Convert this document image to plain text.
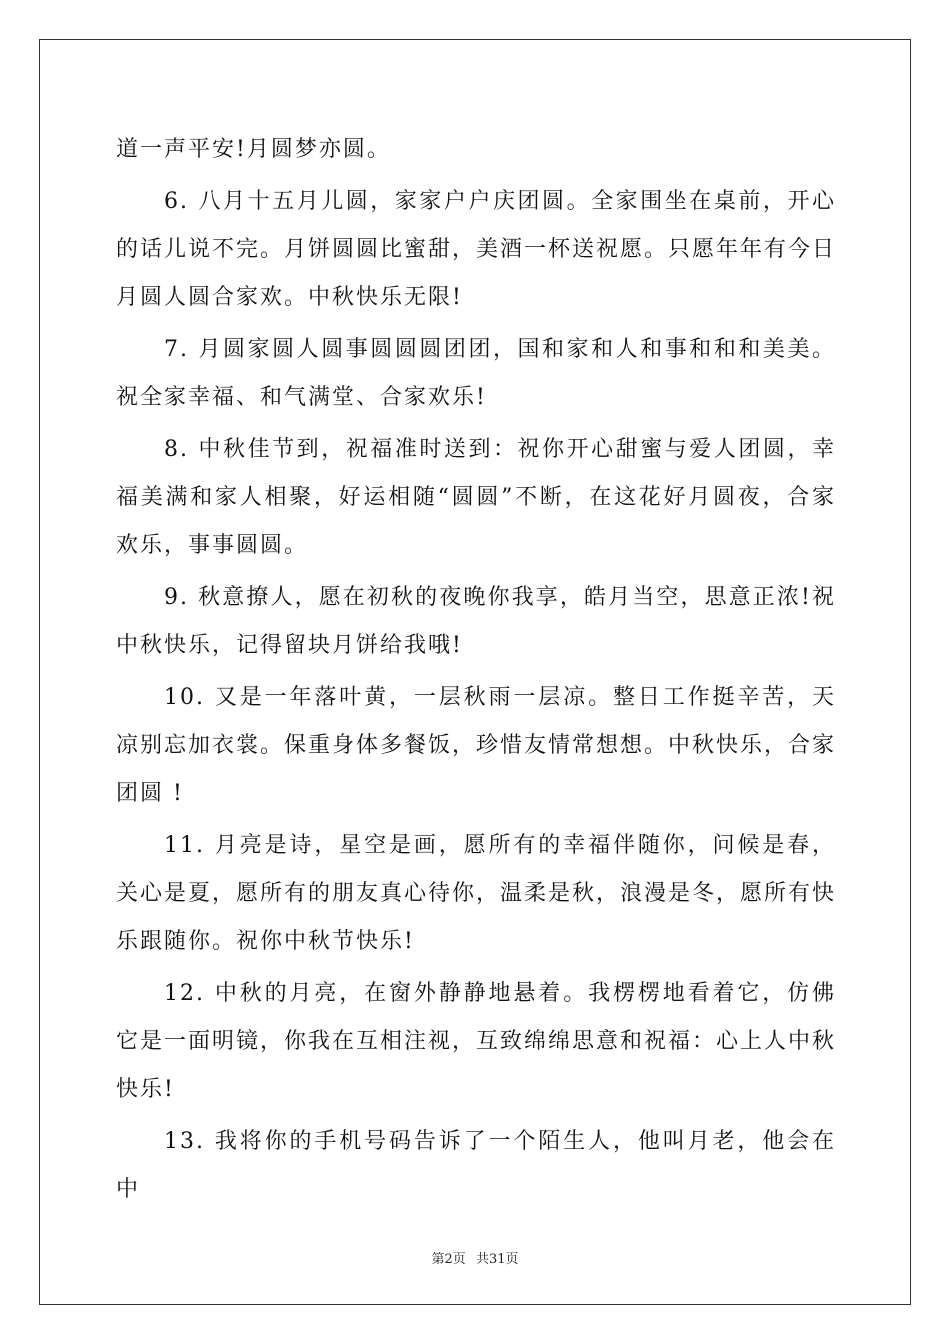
道一声平安!月圆梦亦圆。

6. 八月十五月儿圆，家家户户庆团圆。全家围坐在桌前，开心的话儿说不完。月饼圆圆比蜜甜，美酒一杯送祝愿。只愿年年有今日月圆人圆合家欢。中秋快乐无限!

7. 月圆家圆人圆事圆圆圆团团，国和家和人和事和和和美美。祝全家幸福、和气满堂、合家欢乐!

8. 中秋佳节到，祝福准时送到：祝你开心甜蜜与爱人团圆，幸福美满和家人相聚，好运相随“圆圆”不断，在这花好月圆夜，合家欢乐，事事圆圆。

9. 秋意撩人，愿在初秋的夜晚你我享，皓月当空，思意正浓!祝中秋快乐，记得留块月饼给我哦!

10. 又是一年落叶黄，一层秋雨一层凉。整日工作挺辛苦，天凉别忘加衣裳。保重身体多餐饭，珍惜友情常想想。中秋快乐，合家团圆 !

11. 月亮是诗，星空是画，愿所有的幸福伴随你，问候是春，关心是夏，愿所有的朋友真心待你，温柔是秋，浪漫是冬，愿所有快乐跟随你。祝你中秋节快乐!

12. 中秋的月亮，在窗外静静地悬着。我楞楞地看着它，仿佛它是一面明镜，你我在互相注视，互致绵绵思意和祝福：心上人中秋快乐!

13. 我将你的手机号码告诉了一个陌生人，他叫月老，他会在中

第2页 共31页
